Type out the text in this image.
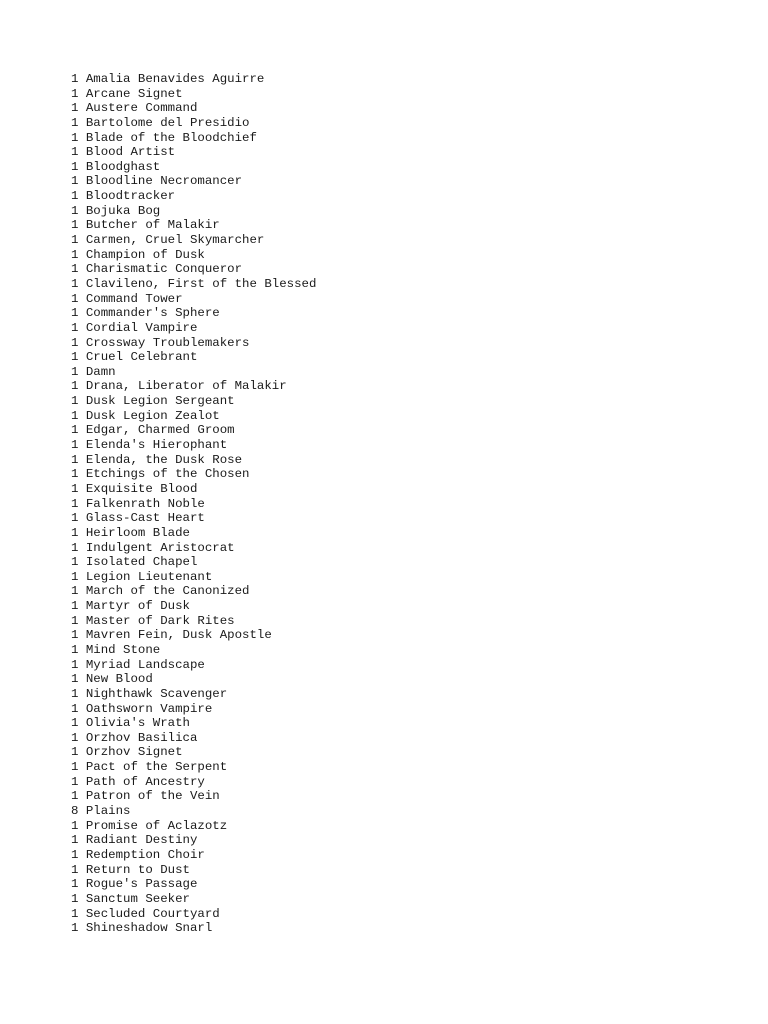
1 Amalia Benavides Aguirre
1 Arcane Signet
1 Austere Command
1 Bartolome del Presidio
1 Blade of the Bloodchief
1 Blood Artist
1 Bloodghast
1 Bloodline Necromancer
1 Bloodtracker
1 Bojuka Bog
1 Butcher of Malakir
1 Carmen, Cruel Skymarcher
1 Champion of Dusk
1 Charismatic Conqueror
1 Clavileno, First of the Blessed
1 Command Tower
1 Commander's Sphere
1 Cordial Vampire
1 Crossway Troublemakers
1 Cruel Celebrant
1 Damn
1 Drana, Liberator of Malakir
1 Dusk Legion Sergeant
1 Dusk Legion Zealot
1 Edgar, Charmed Groom
1 Elenda's Hierophant
1 Elenda, the Dusk Rose
1 Etchings of the Chosen
1 Exquisite Blood
1 Falkenrath Noble
1 Glass-Cast Heart
1 Heirloom Blade
1 Indulgent Aristocrat
1 Isolated Chapel
1 Legion Lieutenant
1 March of the Canonized
1 Martyr of Dusk
1 Master of Dark Rites
1 Mavren Fein, Dusk Apostle
1 Mind Stone
1 Myriad Landscape
1 New Blood
1 Nighthawk Scavenger
1 Oathsworn Vampire
1 Olivia's Wrath
1 Orzhov Basilica
1 Orzhov Signet
1 Pact of the Serpent
1 Path of Ancestry
1 Patron of the Vein
8 Plains
1 Promise of Aclazotz
1 Radiant Destiny
1 Redemption Choir
1 Return to Dust
1 Rogue's Passage
1 Sanctum Seeker
1 Secluded Courtyard
1 Shineshadow Snarl
